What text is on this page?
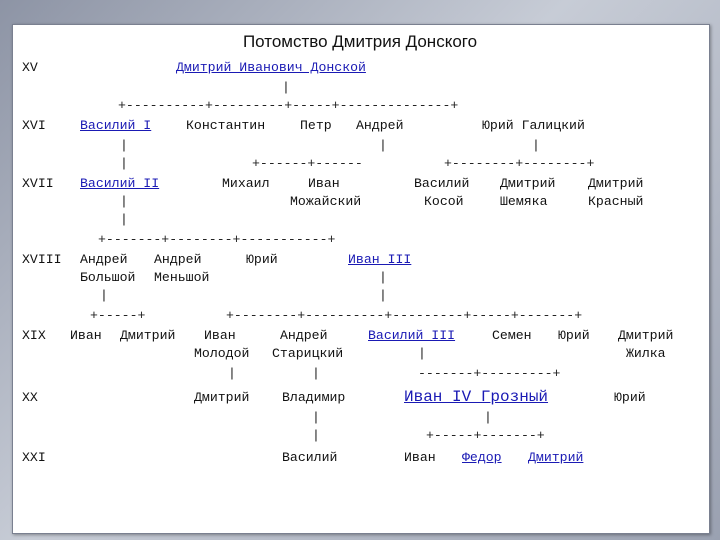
Потомство Дмитрия Донского
XV
XVI
XVII
XVIII
XIX
XX
XXI
Дмитрий Иванович Донской
|
+----------+---------+-----+--------------+
Василий I	Константин	Петр Андрей	Юрий Галицкий
|	|	|
|	+------+------	+--------+--------+
Василий II	Михаил	Иван
Можайский
Василий
Косой
Дмитрий
Шемяка
Дмитрий
Красный
|
|
+-------+--------+-----------+
Андрей
Большой
Андрей
Меньшой
Юрий	Иван III
|
|	|
+-----+	+--------+----------+---------+-----+-------+
Иван Дмитрий Иван
Молодой
Андрей
Старицкий
Василий III	Семен Юрий Дмитрий
Жилка
|
|	|	-------+---------+
Дмитрий Владимир	Иван IV Грозный	Юрий
|	|
|	+-----+-------+
Василий	Иван Федор Дмитрий
